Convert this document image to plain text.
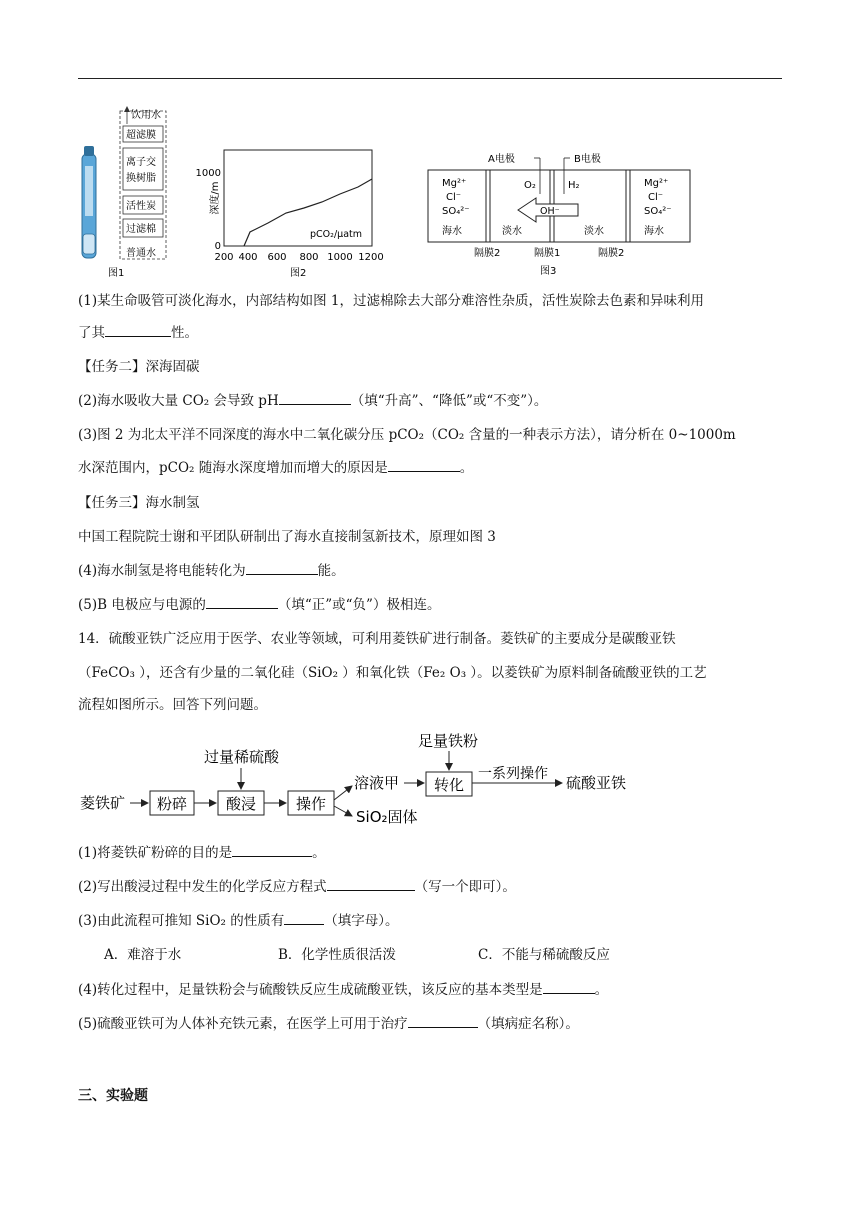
饮用水
超滤膜
离子交
换树脂
活性炭
过滤棉
普通水
图1
深度/m
1000
0
pCO₂/μatm
200 400 600 800 1000 1200
图2
A电极	B电极
Mg²⁺
Cl⁻
SO₄²⁻
海水
O₂	H₂
OH⁻
淡水	淡水
Mg²⁺
Cl⁻
SO₄²⁻
海水
隔膜2	隔膜1	隔膜2
图3
(1)某生命吸管可淡化海水，内部结构如图 1，过滤棉除去大部分难溶性杂质，活性炭除去色素和异味利用
了其	性。
【任务二】深海固碳
(2)海水吸收大量 CO₂ 会导致 pH	（填“升高”、“降低”或“不变”）。
(3)图 2 为北太平洋不同深度的海水中二氧化碳分压 pCO₂（CO₂ 含量的一种表示方法），请分析在 0~1000m
水深范围内，pCO₂ 随海水深度增加而增大的原因是	。
【任务三】海水制氢
中国工程院院士谢和平团队研制出了海水直接制氢新技术，原理如图 3
(4)海水制氢是将电能转化为	能。
(5)B 电极应与电源的	（填“正”或“负”）极相连。
14．硫酸亚铁广泛应用于医学、农业等领域，可利用菱铁矿进行制备。菱铁矿的主要成分是碳酸亚铁
（FeCO₃ ），还含有少量的二氧化硅（SiO₂ ）和氧化铁（Fe₂ O₃ ）。以菱铁矿为原料制备硫酸亚铁的工艺
流程如图所示。回答下列问题。
菱铁矿 粉碎
过量稀硫酸
酸浸	操作
溶液甲
SiO₂固体
足量铁粉
转化
一系列操作 硫酸亚铁
(1)将菱铁矿粉碎的目的是	。
(2)写出酸浸过程中发生的化学反应方程式	（写一个即可）。
(3)由此流程可推知 SiO₂ 的性质有	（填字母）。
A．难溶于水	B．化学性质很活泼	C．不能与稀硫酸反应
(4)转化过程中，足量铁粉会与硫酸铁反应生成硫酸亚铁，该反应的基本类型是	。
(5)硫酸亚铁可为人体补充铁元素，在医学上可用于治疗	（填病症名称）。
三、实验题
